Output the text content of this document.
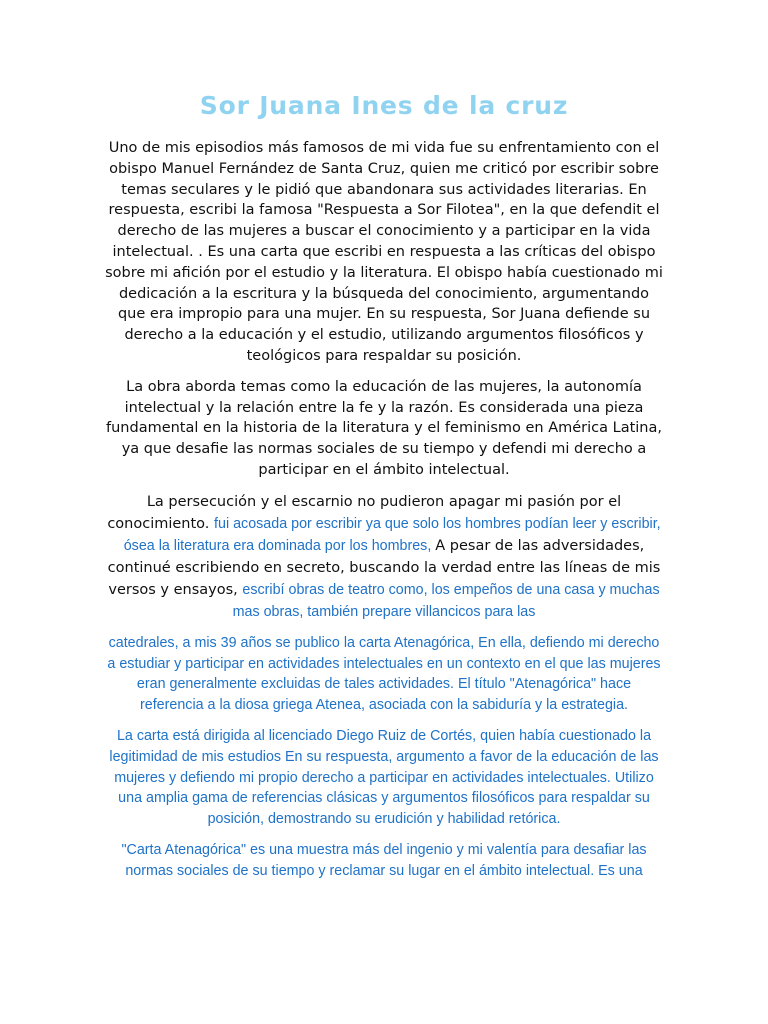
Sor Juana Ines de la cruz

Uno de mis episodios más famosos de mi vida fue su enfrentamiento con el obispo Manuel Fernández de Santa Cruz, quien me criticó por escribir sobre temas seculares y le pidió que abandonara sus actividades literarias. En respuesta, escribi la famosa "Respuesta a Sor Filotea", en la que defendit el derecho de las mujeres a buscar el conocimiento y a participar en la vida intelectual. . Es una carta que escribi en respuesta a las críticas del obispo sobre mi afición por el estudio y la literatura. El obispo había cuestionado mi dedicación a la escritura y la búsqueda del conocimiento, argumentando que era impropio para una mujer. En su respuesta, Sor Juana defiende su derecho a la educación y el estudio, utilizando argumentos filosóficos y teológicos para respaldar su posición.

La obra aborda temas como la educación de las mujeres, la autonomía intelectual y la relación entre la fe y la razón. Es considerada una pieza fundamental en la historia de la literatura y el feminismo en América Latina, ya que desafie las normas sociales de su tiempo y defendi mi derecho a participar en el ámbito intelectual.

La persecución y el escarnio no pudieron apagar mi pasión por el conocimiento. fui acosada por escribir ya que solo los hombres podían leer y escribir, ósea la literatura era dominada por los hombres, A pesar de las adversidades, continué escribiendo en secreto, buscando la verdad entre las líneas de mis versos y ensayos, escribí obras de teatro como, los empeños de una casa y muchas mas obras, también prepare villancicos para las

catedrales, a mis 39 años se publico la carta Atenagórica, En ella, defiendo mi derecho a estudiar y participar en actividades intelectuales en un contexto en el que las mujeres eran generalmente excluidas de tales actividades. El título "Atenagórica" hace referencia a la diosa griega Atenea, asociada con la sabiduría y la estrategia.

La carta está dirigida al licenciado Diego Ruiz de Cortés, quien había cuestionado la legitimidad de mis estudios En su respuesta, argumento a favor de la educación de las mujeres y defiendo mi propio derecho a participar en actividades intelectuales. Utilizo una amplia gama de referencias clásicas y argumentos filosóficos para respaldar su posición, demostrando su erudición y habilidad retórica.

"Carta Atenagórica" es una muestra más del ingenio y mi valentía para desafiar las normas sociales de su tiempo y reclamar su lugar en el ámbito intelectual. Es una
